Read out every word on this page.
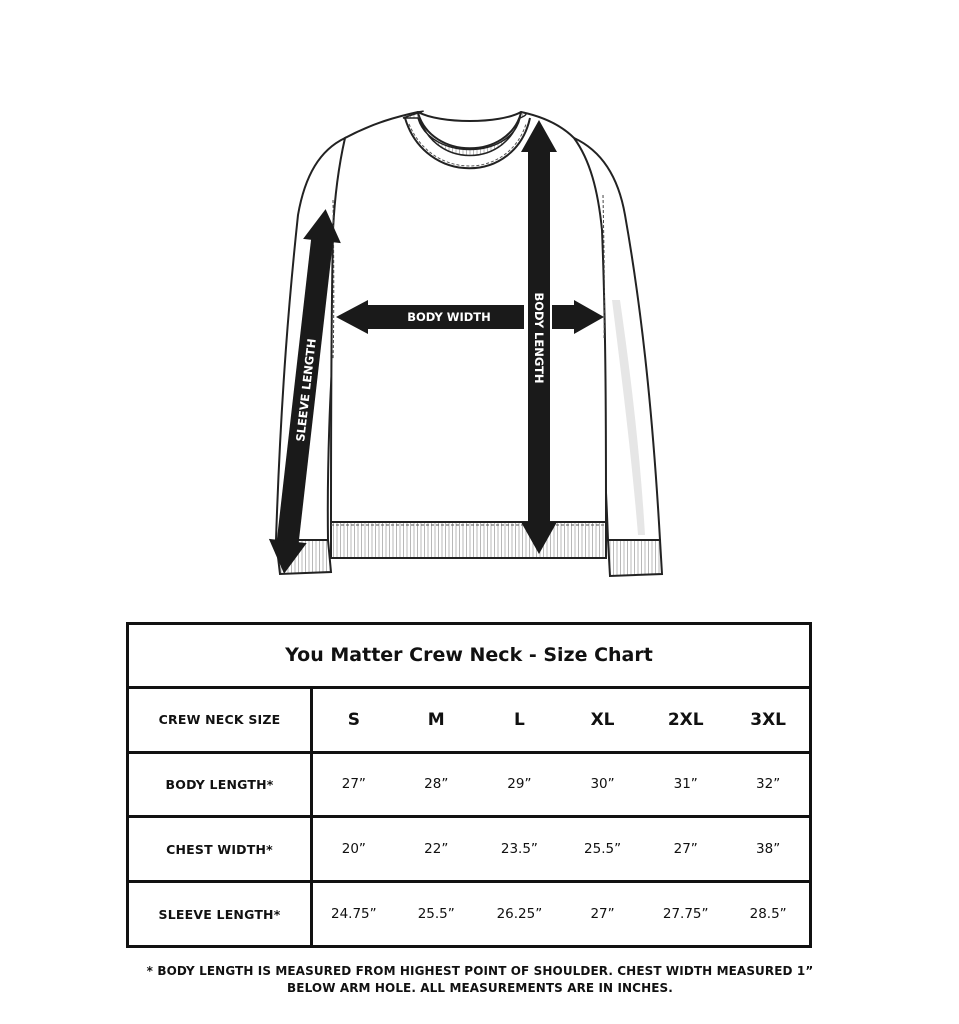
BODY LENGTH
BODY WIDTH
SLEEVE LENGTH
You Matter Crew Neck - Size Chart						
CREW NECK SIZE	S	M	L	XL	2XL	3XL
BODY LENGTH*	27”	28”	29”	30”	31”	32”
CHEST WIDTH*	20”	22”	23.5”	25.5”	27”	38”
SLEEVE LENGTH*	24.75”	25.5”	26.25”	27”	27.75”	28.5”
* BODY LENGTH IS MEASURED FROM HIGHEST POINT OF SHOULDER. CHEST WIDTH MEASURED 1”
BELOW ARM HOLE. ALL MEASUREMENTS ARE IN INCHES.
